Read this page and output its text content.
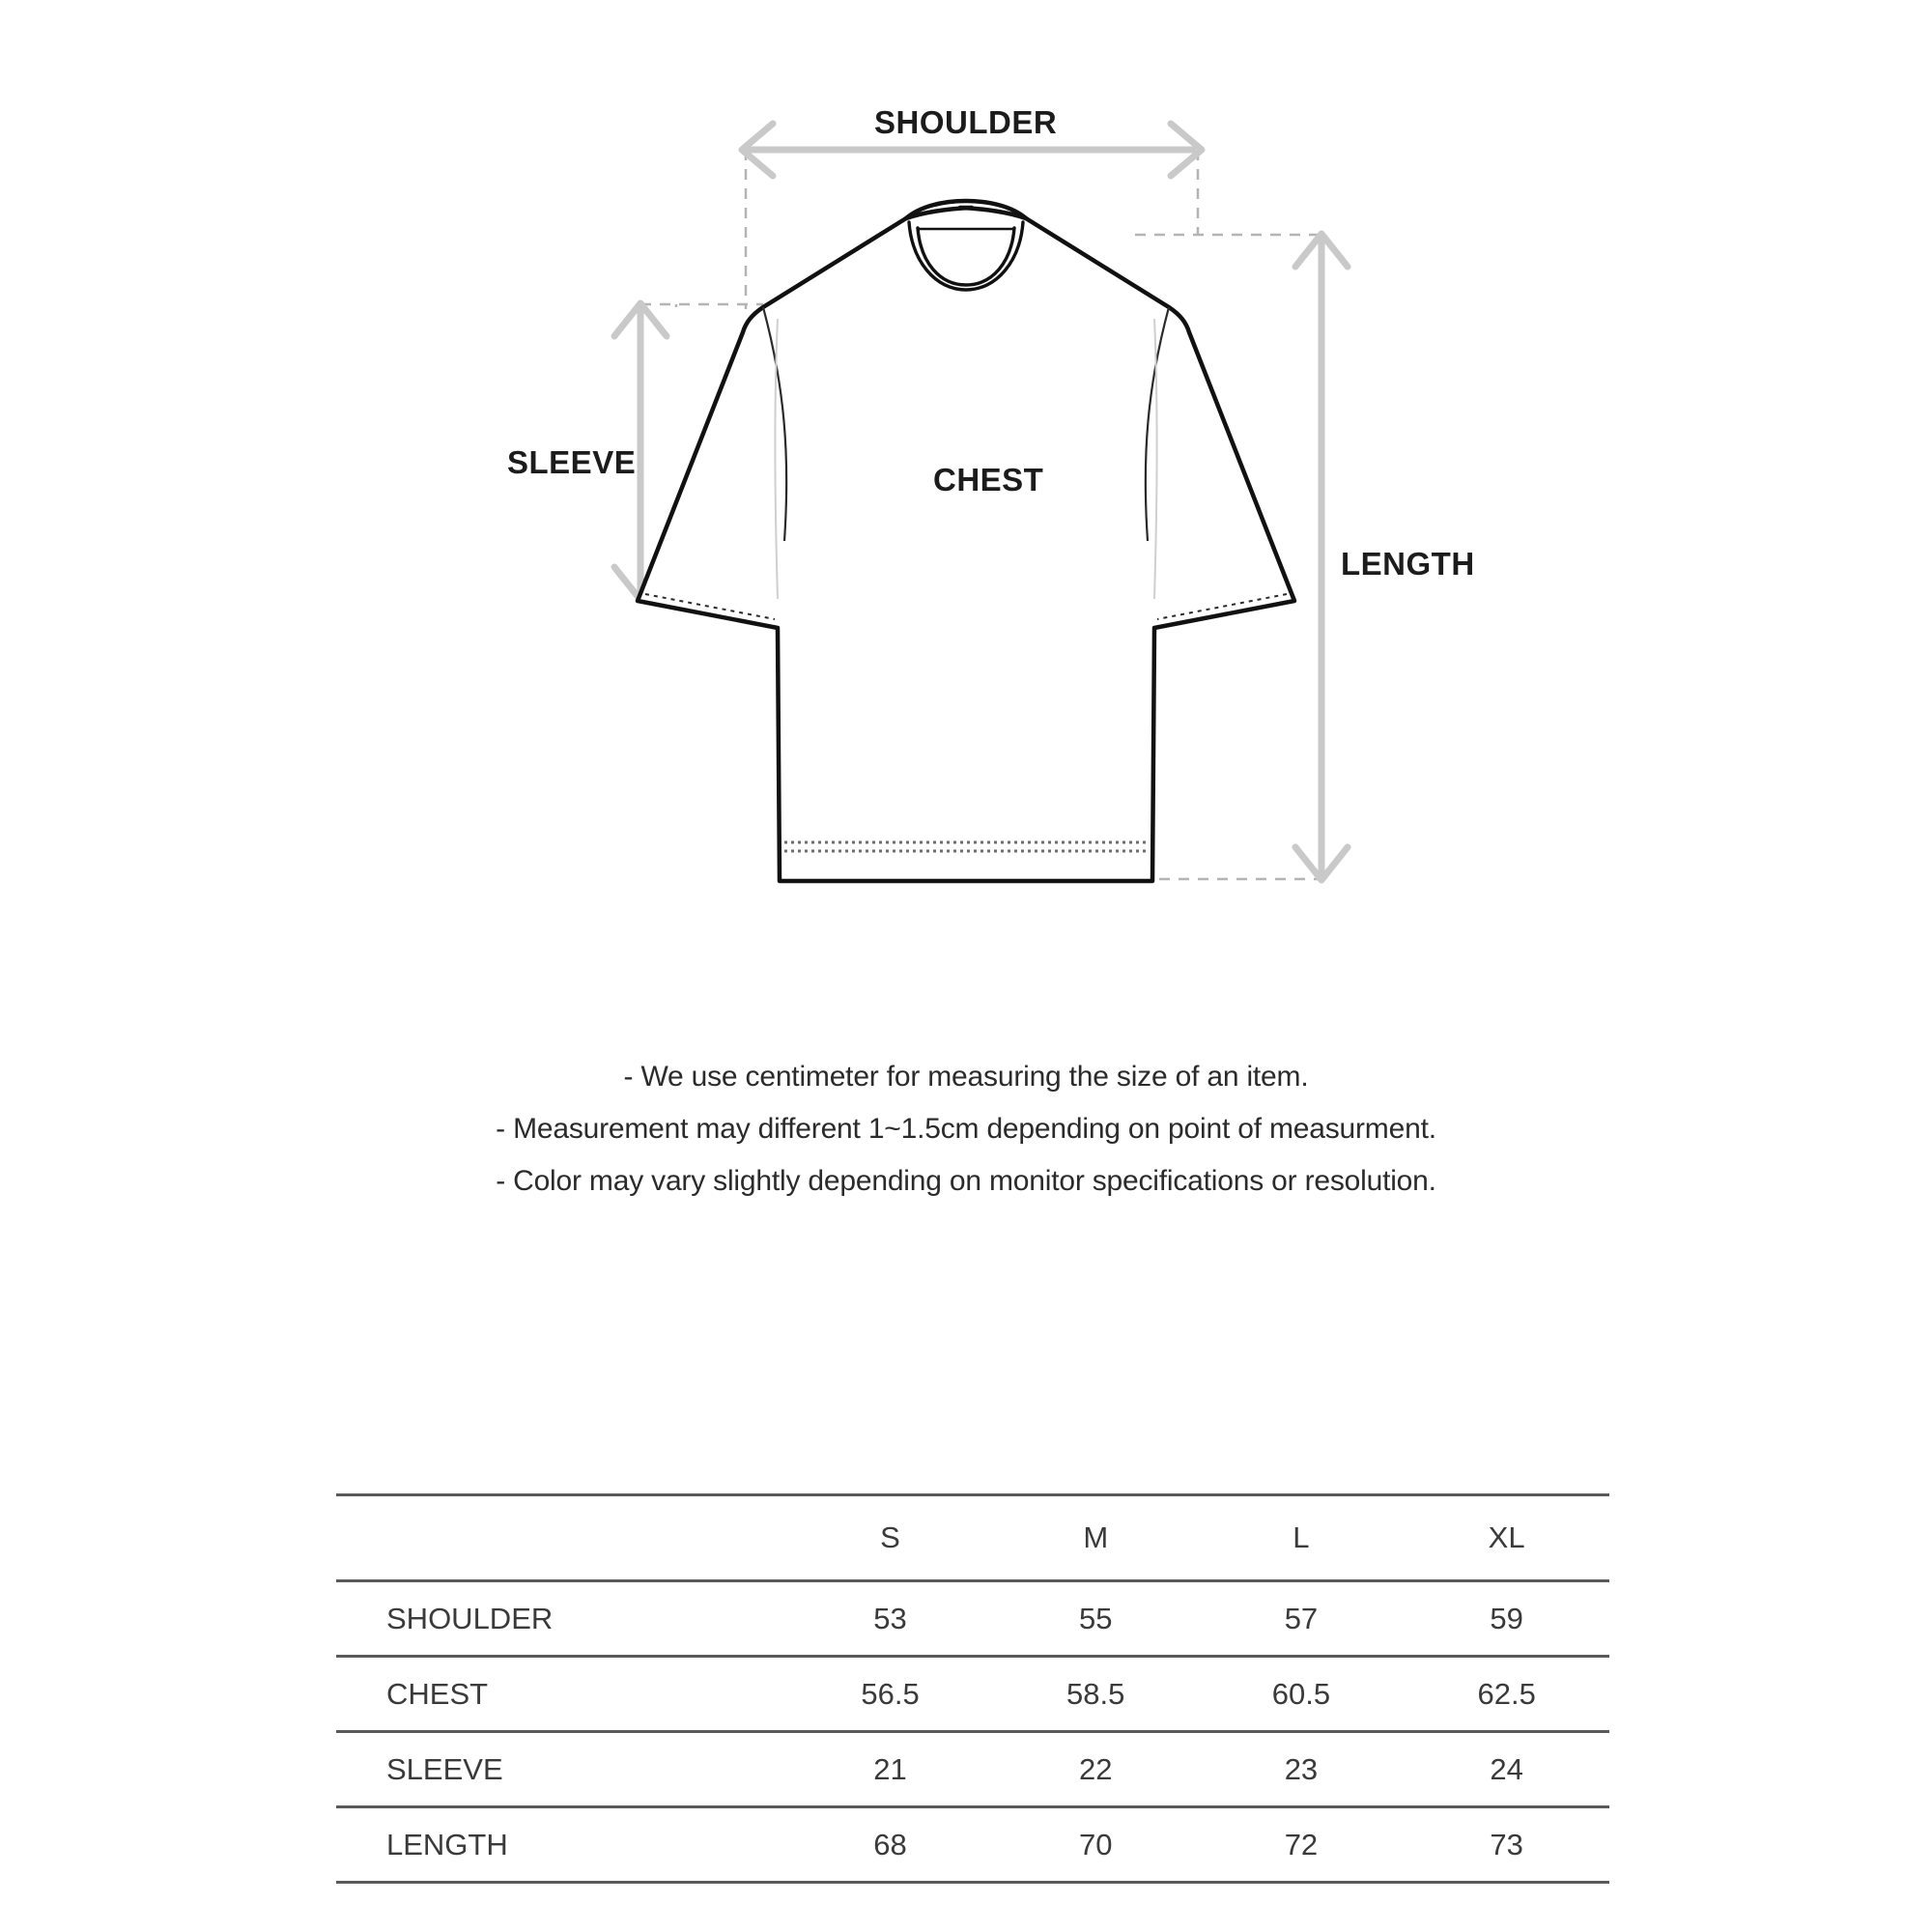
SHOULDER
SLEEVE	CHEST
LENGTH

- We use centimeter for measuring the size of an item.

- Measurement may different 1~1.5cm depending on point of measurment.

- Color may vary slightly depending on monitor specifications or resolution.

	S	M	L	XL
SHOULDER	53	55	57	59
CHEST	56.5	58.5	60.5	62.5
SLEEVE	21	22	23	24
LENGTH	68	70	72	73
